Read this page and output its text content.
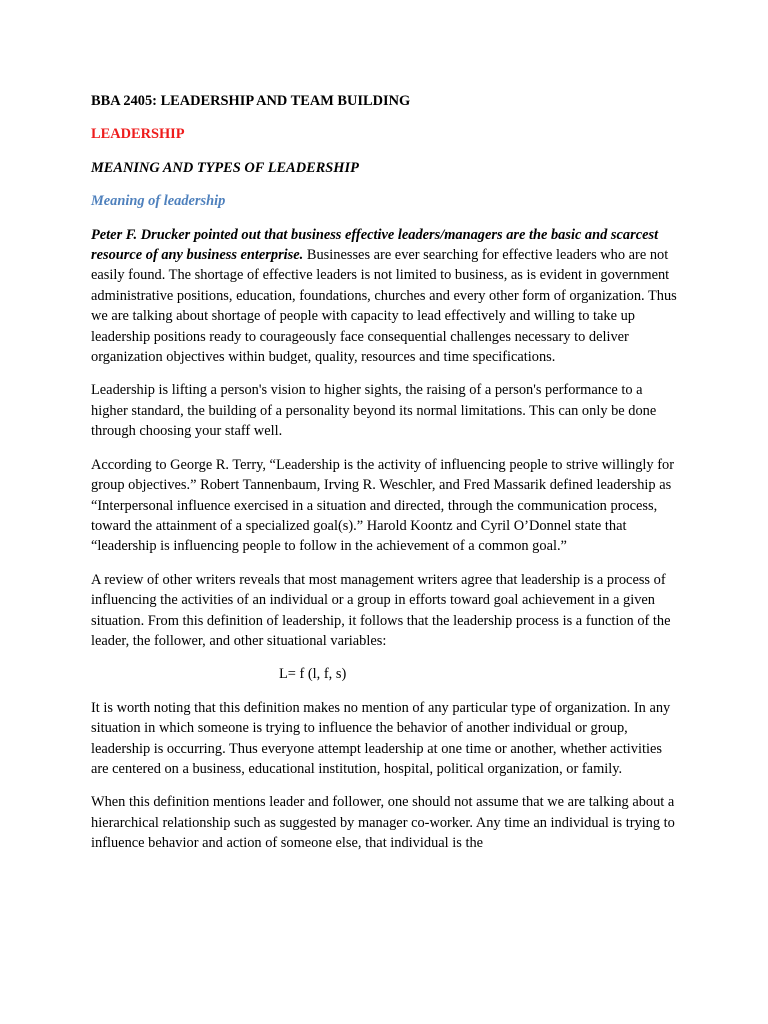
BBA 2405: LEADERSHIP AND TEAM BUILDING

LEADERSHIP

MEANING AND TYPES OF LEADERSHIP

Meaning of leadership

Peter F. Drucker pointed out that business effective leaders/managers are the basic and scarcest resource of any business enterprise. Businesses are ever searching for effective leaders who are not easily found. The shortage of effective leaders is not limited to business, as is evident in government administrative positions, education, foundations, churches and every other form of organization. Thus we are talking about shortage of people with capacity to lead effectively and willing to take up leadership positions ready to courageously face consequential challenges necessary to deliver organization objectives within budget, quality, resources and time specifications.

Leadership is lifting a person's vision to higher sights, the raising of a person's performance to a higher standard, the building of a personality beyond its normal limitations. This can only be done through choosing your staff well.

According to George R. Terry, “Leadership is the activity of influencing people to strive willingly for group objectives.” Robert Tannenbaum, Irving R. Weschler, and Fred Massarik defined leadership as “Interpersonal influence exercised in a situation and directed, through the communication process, toward the attainment of a specialized goal(s).” Harold Koontz and Cyril O’Donnel state that “leadership is influencing people to follow in the achievement of a common goal.”

A review of other writers reveals that most management writers agree that leadership is a process of influencing the activities of an individual or a group in efforts toward goal achievement in a given situation. From this definition of leadership, it follows that the leadership process is a function of the leader, the follower, and other situational variables:

L= f (l, f, s)

It is worth noting that this definition makes no mention of any particular type of organization. In any situation in which someone is trying to influence the behavior of another individual or group, leadership is occurring. Thus everyone attempt leadership at one time or another, whether activities are centered on a business, educational institution, hospital, political organization, or family.

When this definition mentions leader and follower, one should not assume that we are talking about a hierarchical relationship such as suggested by manager co-worker. Any time an individual is trying to influence behavior and action of someone else, that individual is the
